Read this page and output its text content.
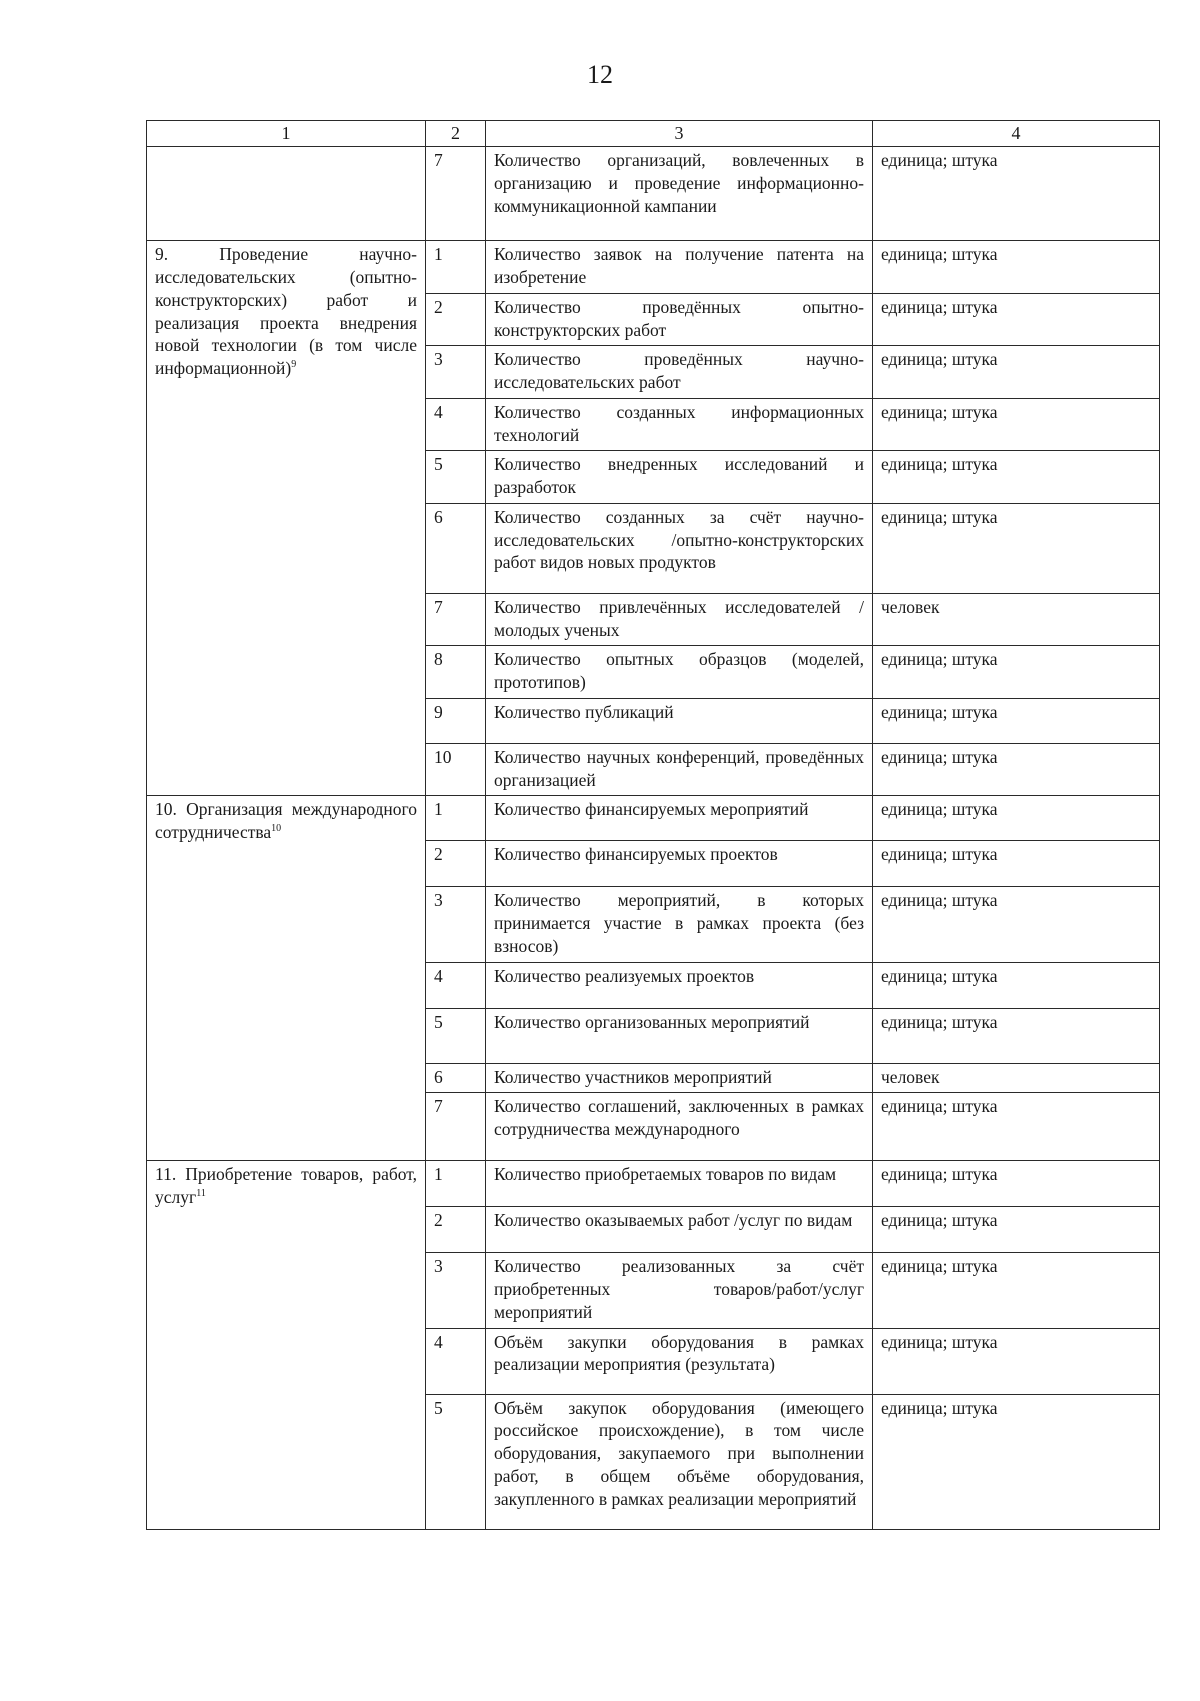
12
1	2	3	4
	7	Количество организаций, вовлеченных в организацию и проведение информационно-коммуникационной кампании	единица; штука
9. Проведение научно-исследовательских (опытно-конструкторских) работ и реализация проекта внедрения новой технологии (в том числе информационной)$^9$	1	Количество заявок на получение патента на изобретение	единица; штука
	2	Количество проведённых опытно-конструкторских работ	единица; штука
	3	Количество проведённых научно-исследовательских работ	единица; штука
	4	Количество созданных информационных технологий	единица; штука
	5	Количество внедренных исследований и разработок	единица; штука
	6	Количество созданных за счёт научно-исследовательских /опытно-конструкторских работ видов новых продуктов	единица; штука
	7	Количество привлечённых исследователей / молодых ученых	человек
	8	Количество опытных образцов (моделей, прототипов)	единица; штука
	9	Количество публикаций	единица; штука
	10	Количество научных конференций, проведённых организацией	единица; штука
10. Организация международного сотрудничества$^{10}$	1	Количество финансируемых мероприятий	единица; штука
	2	Количество финансируемых проектов	единица; штука
	3	Количество мероприятий, в которых принимается участие в рамках проекта (без взносов)	единица; штука
	4	Количество реализуемых проектов	единица; штука
	5	Количество организованных мероприятий	единица; штука
	6	Количество участников мероприятий	человек
	7	Количество соглашений, заключенных в рамках сотрудничества международного	единица; штука
11. Приобретение товаров, работ, услуг$^{11}$	1	Количество приобретаемых товаров по видам	единица; штука
	2	Количество оказываемых работ /услуг по видам	единица; штука
	3	Количество реализованных за счёт приобретенных товаров/работ/услуг мероприятий	единица; штука
	4	Объём закупки оборудования в рамках реализации мероприятия (результата)	единица; штука
	5	Объём закупок оборудования (имеющего российское происхождение), в том числе оборудования, закупаемого при выполнении работ, в общем объёме оборудования, закупленного в рамках реализации мероприятий	единица; штука
